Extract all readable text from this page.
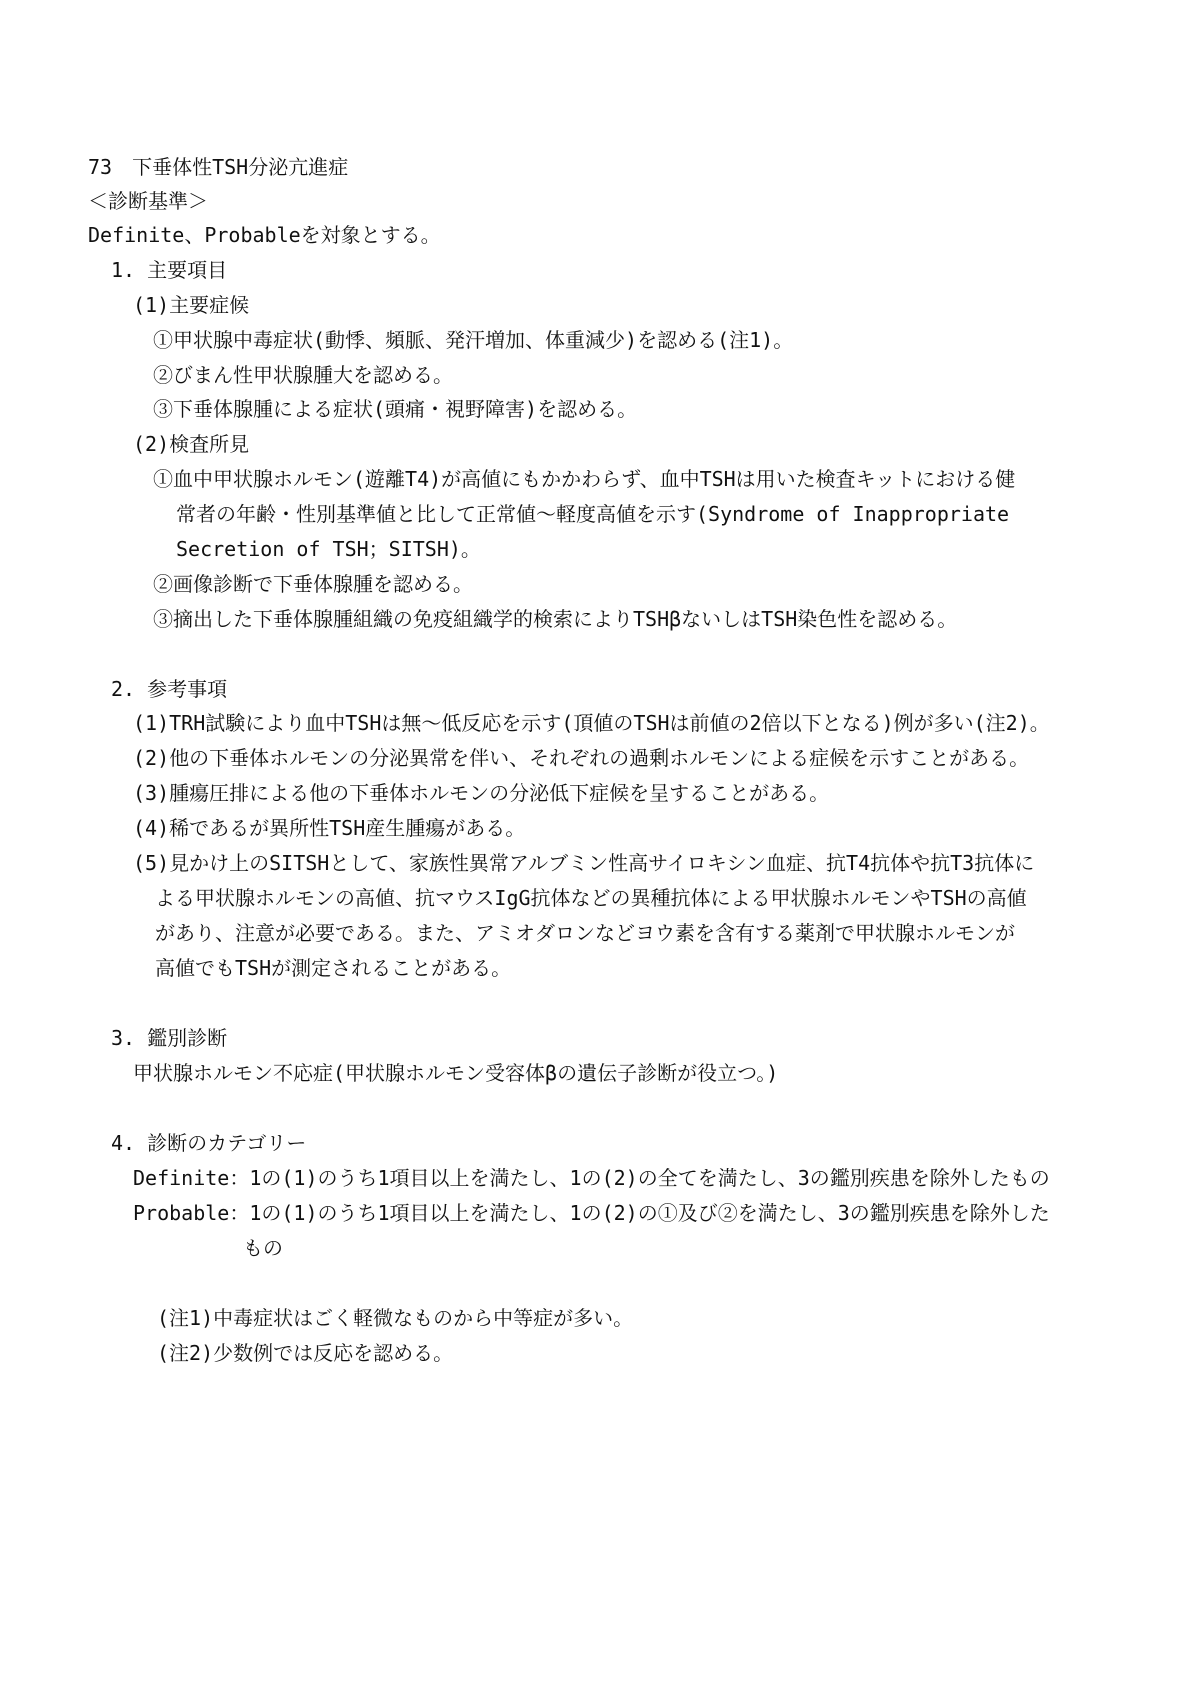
73　下垂体性TSH分泌亢進症
＜診断基準＞
Definite、Probableを対象とする。
1. 主要項目
(1)主要症候
①甲状腺中毒症状(動悸、頻脈、発汗増加、体重減少)を認める(注1)。
②びまん性甲状腺腫大を認める。
③下垂体腺腫による症状(頭痛・視野障害)を認める。
(2)検査所見
①血中甲状腺ホルモン(遊離T4)が高値にもかかわらず、血中TSHは用いた検査キットにおける健
常者の年齢・性別基準値と比して正常値～軽度高値を示す(Syndrome of Inappropriate
Secretion of TSH；SITSH)。
②画像診断で下垂体腺腫を認める。
③摘出した下垂体腺腫組織の免疫組織学的検索によりTSHβないしはTSH染色性を認める。
2. 参考事項
(1)TRH試験により血中TSHは無～低反応を示す(頂値のTSHは前値の2倍以下となる)例が多い(注2)。
(2)他の下垂体ホルモンの分泌異常を伴い、それぞれの過剰ホルモンによる症候を示すことがある。
(3)腫瘍圧排による他の下垂体ホルモンの分泌低下症候を呈することがある。
(4)稀であるが異所性TSH産生腫瘍がある。
(5)見かけ上のSITSHとして、家族性異常アルブミン性高サイロキシン血症、抗T4抗体や抗T3抗体に
よる甲状腺ホルモンの高値、抗マウスIgG抗体などの異種抗体による甲状腺ホルモンやTSHの高値
があり、注意が必要である。また、アミオダロンなどヨウ素を含有する薬剤で甲状腺ホルモンが
高値でもTSHが測定されることがある。
3. 鑑別診断
甲状腺ホルモン不応症(甲状腺ホルモン受容体βの遺伝子診断が役立つ。)
4. 診断のカテゴリー
Definite：1の(1)のうち1項目以上を満たし、1の(2)の全てを満たし、3の鑑別疾患を除外したもの
Probable：1の(1)のうち1項目以上を満たし、1の(2)の①及び②を満たし、3の鑑別疾患を除外した
もの
(注1)中毒症状はごく軽微なものから中等症が多い。
(注2)少数例では反応を認める。
